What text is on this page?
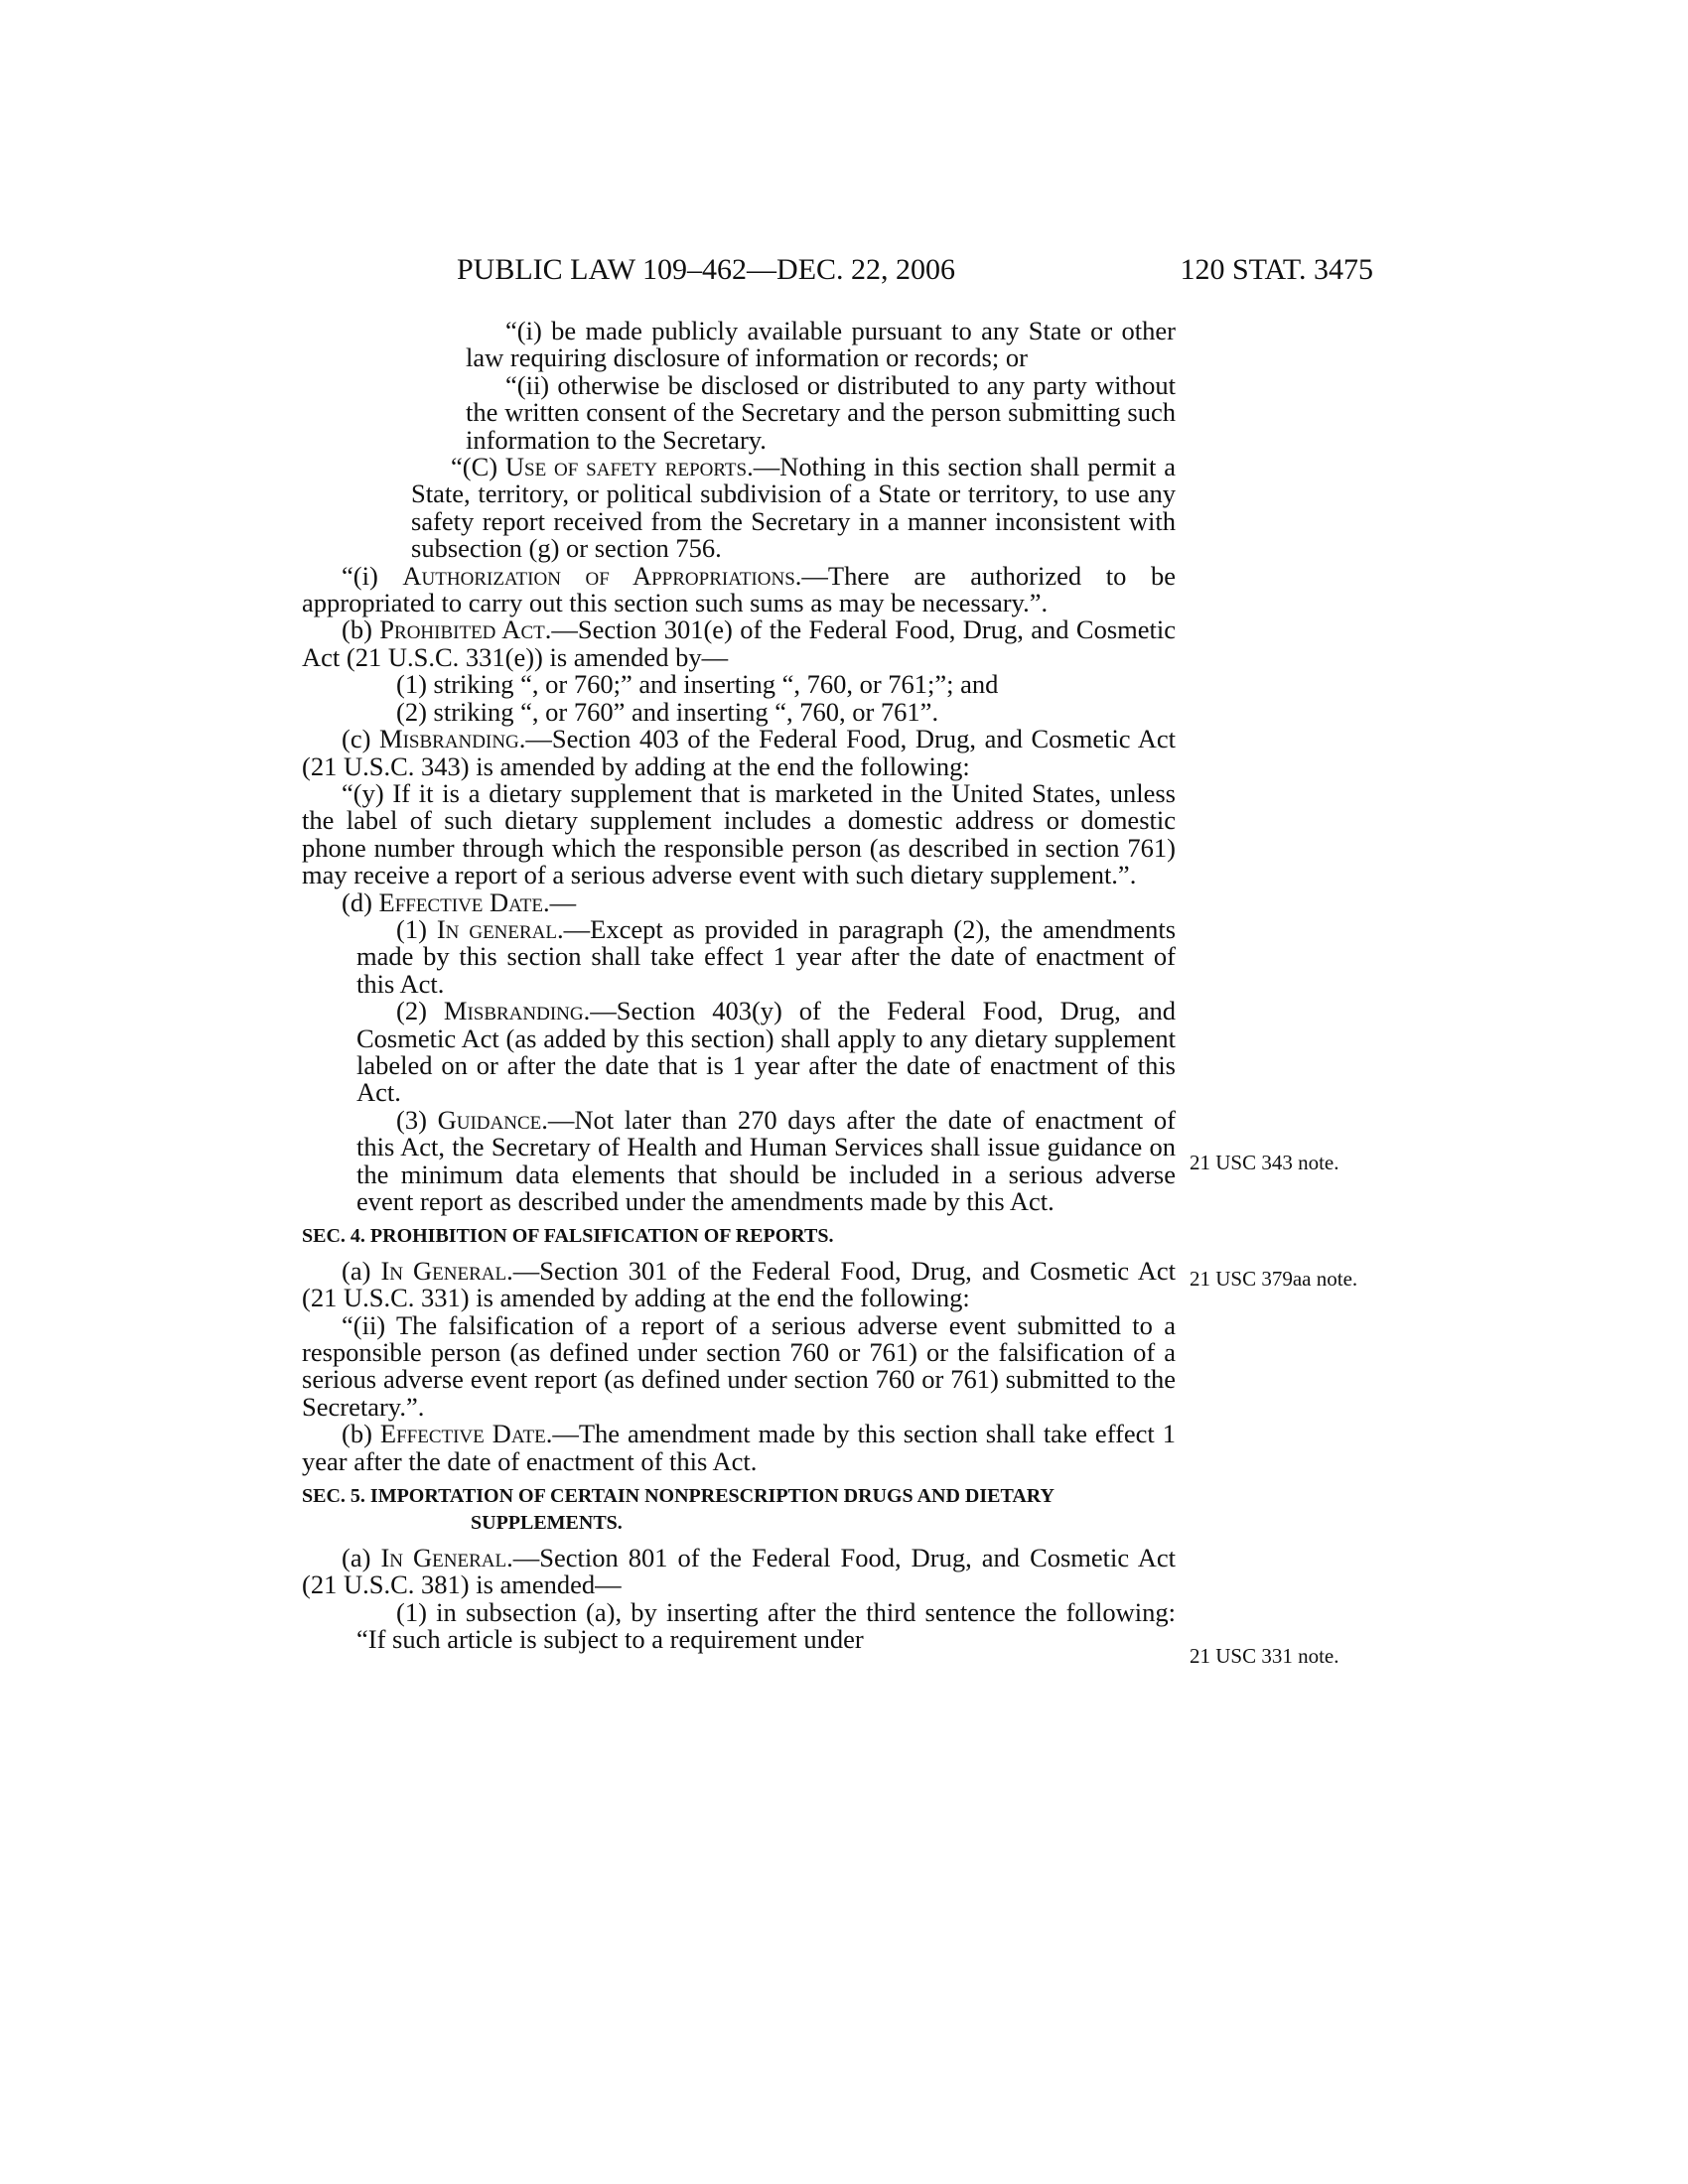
PUBLIC LAW 109–462—DEC. 22, 2006	120 STAT. 3475

“(i) be made publicly available pursuant to any State or other law requiring disclosure of information or records; or

“(ii) otherwise be disclosed or distributed to any party without the written consent of the Secretary and the person submitting such information to the Secretary.

“(C) Use of safety reports.—Nothing in this section shall permit a State, territory, or political subdivision of a State or territory, to use any safety report received from the Secretary in a manner inconsistent with subsection (g) or section 756.

“(i) Authorization of Appropriations.—There are authorized to be appropriated to carry out this section such sums as may be necessary.”.

(b) Prohibited Act.—Section 301(e) of the Federal Food, Drug, and Cosmetic Act (21 U.S.C. 331(e)) is amended by—

(1) striking “, or 760;” and inserting “, 760, or 761;”; and

(2) striking “, or 760” and inserting “, 760, or 761”.

(c) Misbranding.—Section 403 of the Federal Food, Drug, and Cosmetic Act (21 U.S.C. 343) is amended by adding at the end the following:

“(y) If it is a dietary supplement that is marketed in the United States, unless the label of such dietary supplement includes a domestic address or domestic phone number through which the responsible person (as described in section 761) may receive a report of a serious adverse event with such dietary supplement.”.

(d) Effective Date.—

(1) In general.—Except as provided in paragraph (2), the amendments made by this section shall take effect 1 year after the date of enactment of this Act.

(2) Misbranding.—Section 403(y) of the Federal Food, Drug, and Cosmetic Act (as added by this section) shall apply to any dietary supplement labeled on or after the date that is 1 year after the date of enactment of this Act.

(3) Guidance.—Not later than 270 days after the date of enactment of this Act, the Secretary of Health and Human Services shall issue guidance on the minimum data elements that should be included in a serious adverse event report as described under the amendments made by this Act.

SEC. 4. PROHIBITION OF FALSIFICATION OF REPORTS.

(a) In General.—Section 301 of the Federal Food, Drug, and Cosmetic Act (21 U.S.C. 331) is amended by adding at the end the following:

“(ii) The falsification of a report of a serious adverse event submitted to a responsible person (as defined under section 760 or 761) or the falsification of a serious adverse event report (as defined under section 760 or 761) submitted to the Secretary.”.

(b) Effective Date.—The amendment made by this section shall take effect 1 year after the date of enactment of this Act.

SEC. 5. IMPORTATION OF CERTAIN NONPRESCRIPTION DRUGS AND DIETARY SUPPLEMENTS.

(a) In General.—Section 801 of the Federal Food, Drug, and Cosmetic Act (21 U.S.C. 381) is amended—

(1) in subsection (a), by inserting after the third sentence the following: “If such article is subject to a requirement under

21 USC 343 note.
21 USC 379aa note.
21 USC 331 note.
